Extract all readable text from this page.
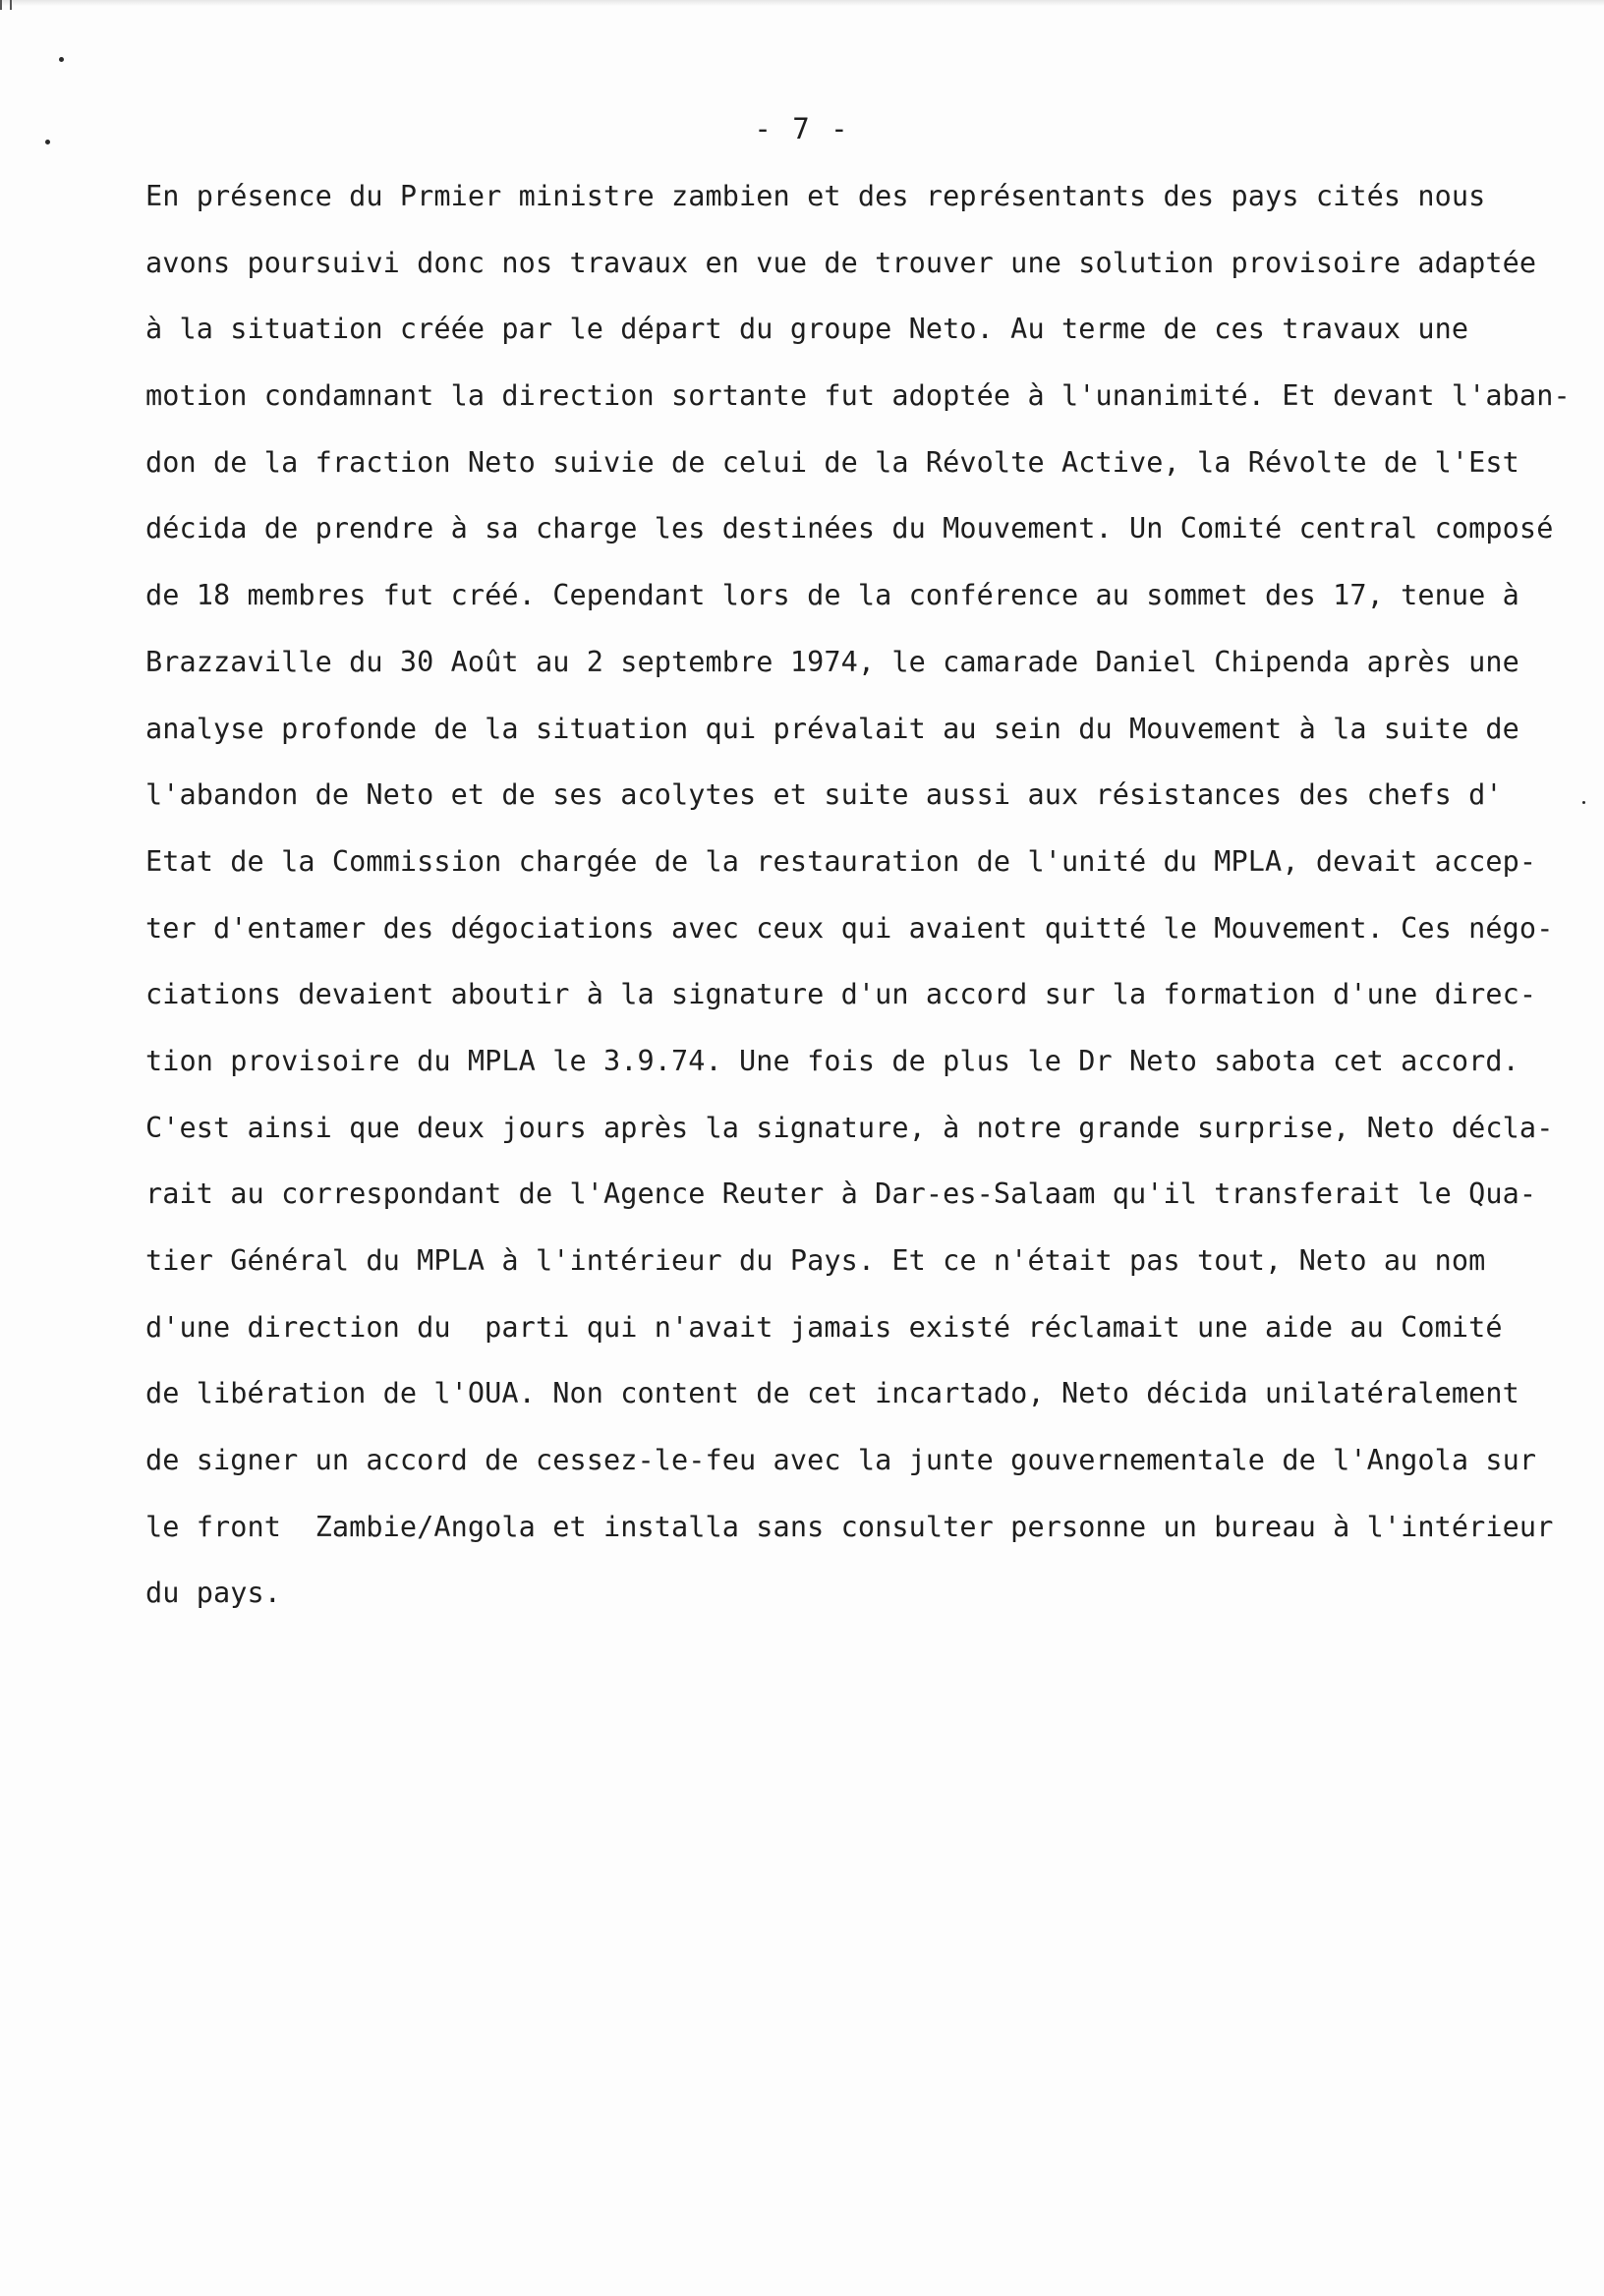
- 7 -
En présence du Pr⁠m⁠ier ministre zambien et des représentants des pays cités nous
avons poursuivi donc nos travaux en vue de trouver une solution provisoire adaptée
à la situation créée par le départ du groupe Neto. Au terme de ces travaux une
motion condamnant la direction sortante fut adoptée à l'unanimité. Et devant l'aban-
don de la fraction Neto suivie de celui de la Révolte Active, la Révolte de l'Est
décida de prendre à sa charge les destinées du Mouvement. Un Comité central composé
de 18 membres fut créé. Cependant lors de la conférence au sommet des 17, tenue à
Brazzaville du 30 Août au 2 septembre 1974, le camarade Daniel Chipenda après une
analyse profonde de la situation qui prévalait au sein du Mouvement à la suite de
l'abandon de Neto et de ses acolytes et suite aussi aux résistances des chefs d'
Etat de la Commission chargée de la restauration de l'unité du MPLA, devait accep-
ter d'entamer des dégociations avec ceux qui avaient quitté le Mouvement. Ces négo-
ciations devaient aboutir à la signature d'un accord sur la formation d'une direc-
tion provisoire du MPLA le 3.9.74. Une fois de plus le Dr Neto sabota cet accord.
C'est ainsi que deux jours après la signature, à notre grande surprise, Neto décla-
rait au correspondant de l'Agence Reuter à Dar-es-Salaam qu'il transferait le Qua-
tier Général du MPLA à l'intérieur du Pays. Et ce n'était pas tout, Neto au nom
d'une direction du  parti qui n'avait jamais existé réclamait une aide au Comité
de libération de l'OUA. Non content de cet incartado, Neto décida unilatéralement
de signer un accord de cessez-le-feu avec la junte gouvernementale de l'Angola sur
le front  Zambie/Angola et installa sans consulter personne un bureau à l'intérieur
du pays.
